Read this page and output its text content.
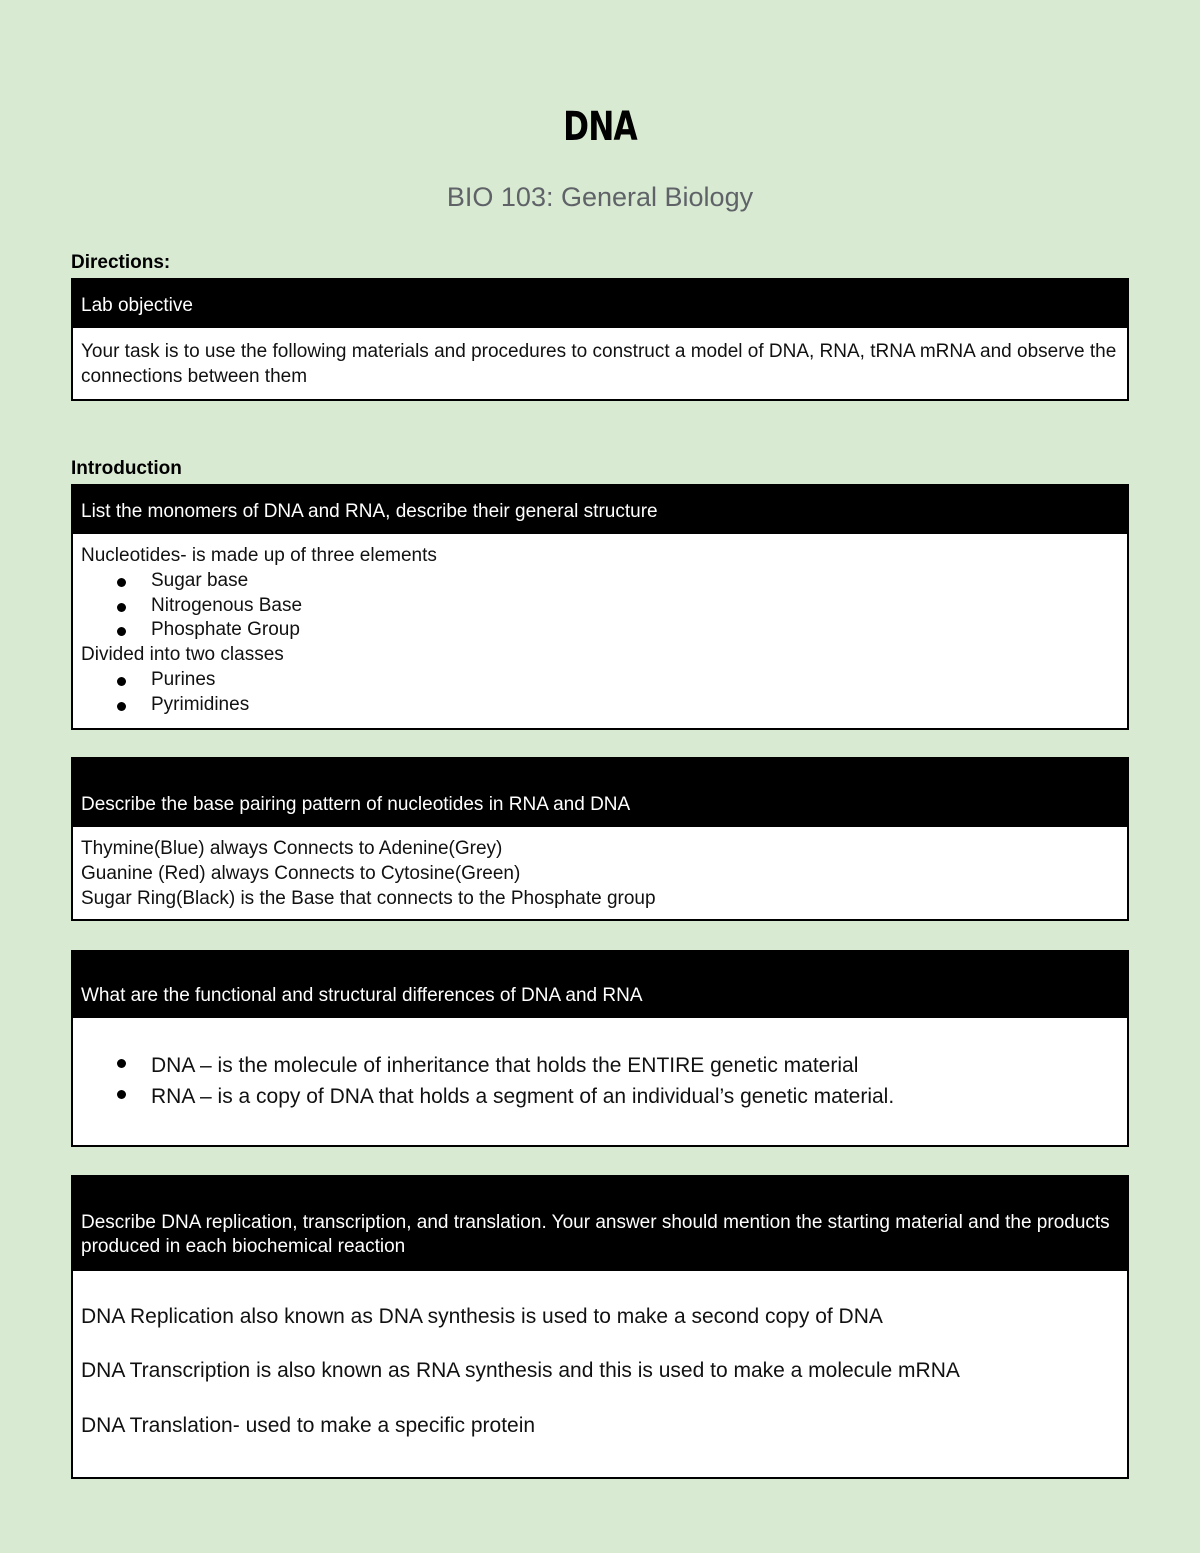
DNA
BIO 103: General Biology
Directions:
Lab objective
Your task is to use the following materials and procedures to construct a model of DNA, RNA, tRNA mRNA and observe the connections between them
Introduction
List the monomers of DNA and RNA, describe their general structure
Nucleotides- is made up of three elements
Sugar base
Nitrogenous Base
Phosphate Group
Divided into two classes
Purines
Pyrimidines
Describe the base pairing pattern of nucleotides in RNA and DNA
Thymine(Blue) always Connects to Adenine(Grey)
Guanine (Red) always Connects to Cytosine(Green)
Sugar Ring(Black) is the Base that connects to the Phosphate group
What are the functional and structural differences of DNA and RNA
DNA – is the molecule of inheritance that holds the ENTIRE genetic material
RNA – is a copy of DNA that holds a segment of an individual’s genetic material.
Describe DNA replication, transcription, and translation. Your answer should mention the starting material and the products produced in each biochemical reaction
DNA Replication also known as DNA synthesis is used to make a second copy of DNA
DNA Transcription is also known as RNA synthesis and this is used to make a molecule mRNA
DNA Translation- used to make a specific protein
